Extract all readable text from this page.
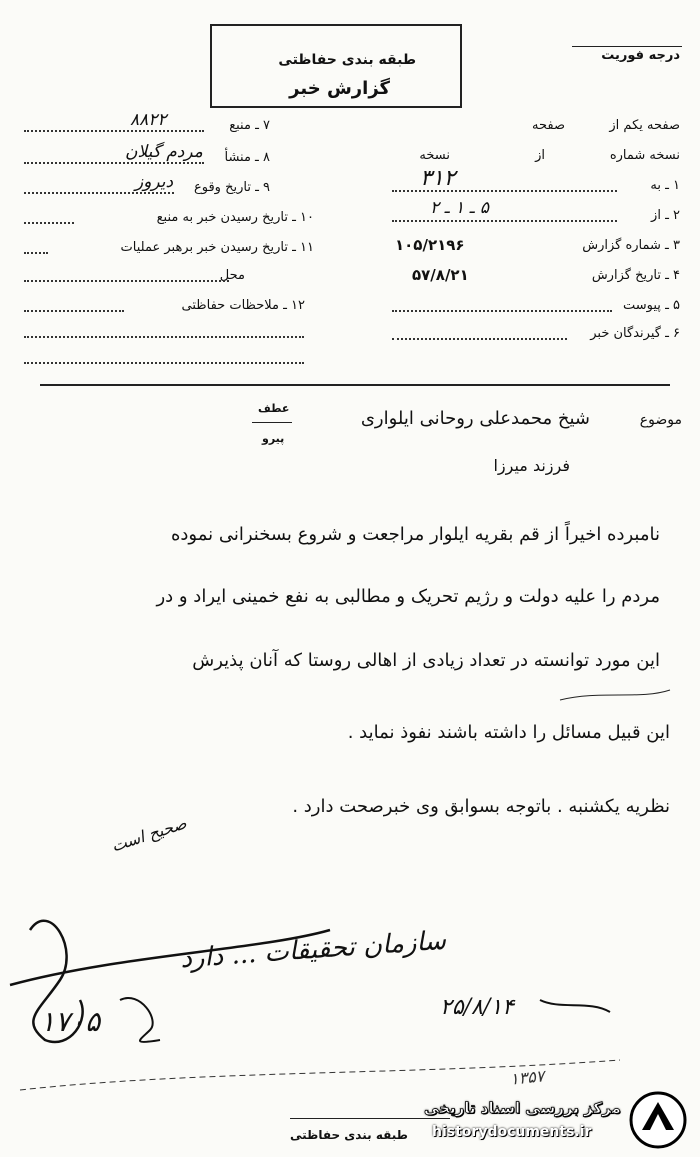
طبقه بندی حفاظتی
گزارش خبر
درجه فوریت
۷ ـ منبع
۸۸۲۲
۸ ـ منشأ
مردم گیلان
۹ ـ تاریخ وقوع
دیروز
۱۰ ـ تاریخ رسیدن خبر به منبع
۱۱ ـ تاریخ رسیدن خبر برهبر عملیات
محل
۱۲ ـ ملاحظات حفاظتی
صفحه یکم از
صفحه
نسخه شماره
از
نسخه
۱ ـ به
۳۱۲
۲ ـ از
۵ ـ ۱ ـ ۲
۳ ـ شماره گزارش
۱۰۵/۲۱۹۶
۴ ـ تاریخ گزارش
۵۷/۸/۲۱
۵ ـ پیوست
۶ ـ گیرندگان خبر
عطف
پیرو
موضوع
شیخ محمدعلی روحانی ایلواری
فرزند میرزا
نامبرده اخیراً از قم بقریه ایلوار مراجعت و شروع بسخنرانی نموده
مردم را علیه دولت و رژیم تحریک و مطالبی به نفع خمینی ایراد و در
این مورد توانسته در تعداد زیادی از اهالی روستا که آنان پذیرش
این قبیل مسائل را داشته باشند نفوذ نماید .
نظریه یکشنبه . باتوجه بسوابق وی خبرصحت دارد .
صحیح است
سازمان تحقیقات ... دارد
۲۵/۸/۱۴
۱۷۰۵
۱۳۵۷
طبقه بندی حفاظتی
مرکز بررسی اسناد تاریخی
historydocuments.ir
